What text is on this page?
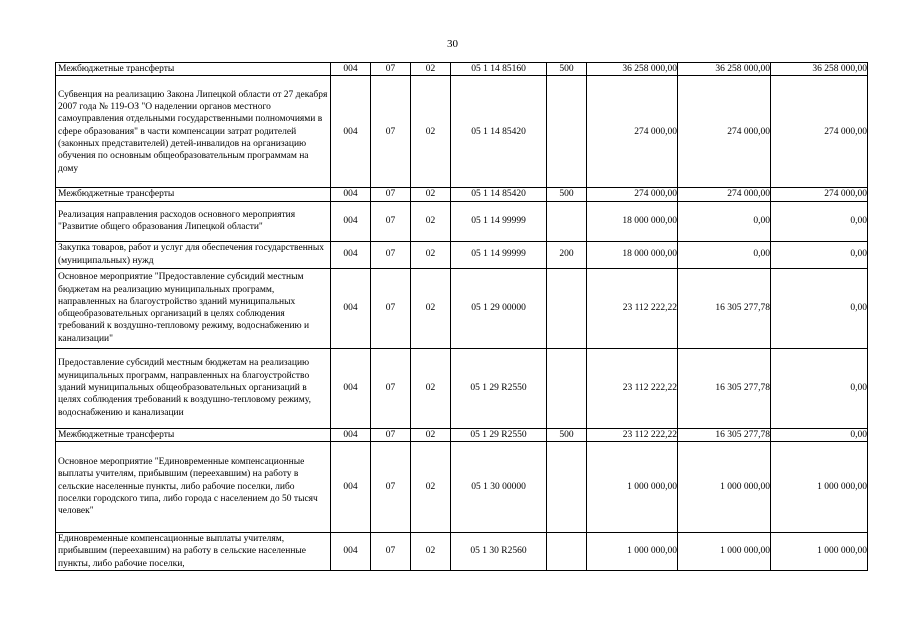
30
Межбюджетные трансферты	004	07	02	05 1 14 85160	500	36 258 000,00	36 258 000,00	36 258 000,00
Субвенция на реализацию Закона Липецкой области от 27 декабря 2007 года № 119-ОЗ "О наделении органов местного самоуправления отдельными государственными полномочиями в сфере образования" в части компенсации затрат родителей (законных представителей) детей-инвалидов на организацию обучения по основным общеобразовательным программам на дому	004	07	02	05 1 14 85420		274 000,00	274 000,00	274 000,00
Межбюджетные трансферты	004	07	02	05 1 14 85420	500	274 000,00	274 000,00	274 000,00
Реализация направления расходов основного мероприятия "Развитие общего образования Липецкой области"	004	07	02	05 1 14 99999		18 000 000,00	0,00	0,00
Закупка товаров, работ и услуг для обеспечения государственных (муниципальных) нужд	004	07	02	05 1 14 99999	200	18 000 000,00	0,00	0,00
Основное мероприятие "Предоставление субсидий местным бюджетам на реализацию муниципальных программ, направленных на благоустройство зданий муниципальных общеобразовательных организаций в целях соблюдения требований к воздушно-тепловому режиму, водоснабжению и канализации"	004	07	02	05 1 29 00000		23 112 222,22	16 305 277,78	0,00
Предоставление субсидий местным бюджетам на реализацию муниципальных программ, направленных на благоустройство зданий муниципальных общеобразовательных организаций в целях соблюдения требований к воздушно-тепловому режиму, водоснабжению и канализации	004	07	02	05 1 29 R2550		23 112 222,22	16 305 277,78	0,00
Межбюджетные трансферты	004	07	02	05 1 29 R2550	500	23 112 222,22	16 305 277,78	0,00
Основное мероприятие "Единовременные компенсационные выплаты учителям, прибывшим (переехавшим) на работу в сельские населенные пункты, либо рабочие поселки, либо поселки городского типа, либо города с населением до 50 тысяч человек"	004	07	02	05 1 30 00000		1 000 000,00	1 000 000,00	1 000 000,00
Единовременные компенсационные выплаты учителям, прибывшим (переехавшим) на работу в сельские населенные пункты, либо рабочие поселки,	004	07	02	05 1 30 R2560		1 000 000,00	1 000 000,00	1 000 000,00
